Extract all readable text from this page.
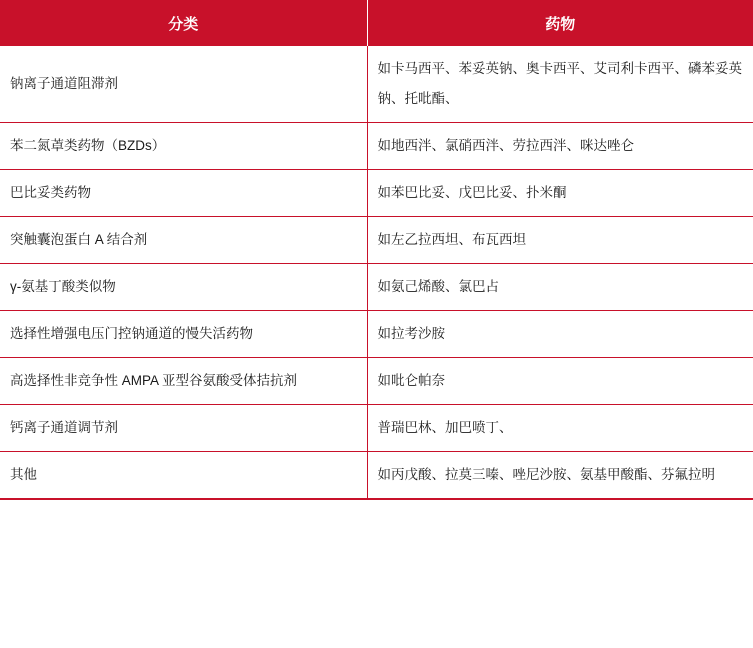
分类	药物
钠离子通道阻滞剂	如卡马西平、苯妥英钠、奥卡西平、艾司利卡西平、磷苯妥英钠、托吡酯、
苯二氮䓬类药物（BZDs）	如地西泮、氯硝西泮、劳拉西泮、咪达唑仑
巴比妥类药物	如苯巴比妥、戊巴比妥、扑米酮
突触囊泡蛋白 A 结合剂	如左乙拉西坦、布瓦西坦
γ-氨基丁酸类似物	如氨己烯酸、氯巴占
选择性增强电压门控钠通道的慢失活药物	如拉考沙胺
高选择性非竞争性 AMPA 亚型谷氨酸受体拮抗剂	如吡仑帕奈
钙离子通道调节剂	普瑞巴林、加巴喷丁、
其他	如丙戊酸、拉莫三嗪、唑尼沙胺、氨基甲酸酯、芬氟拉明
